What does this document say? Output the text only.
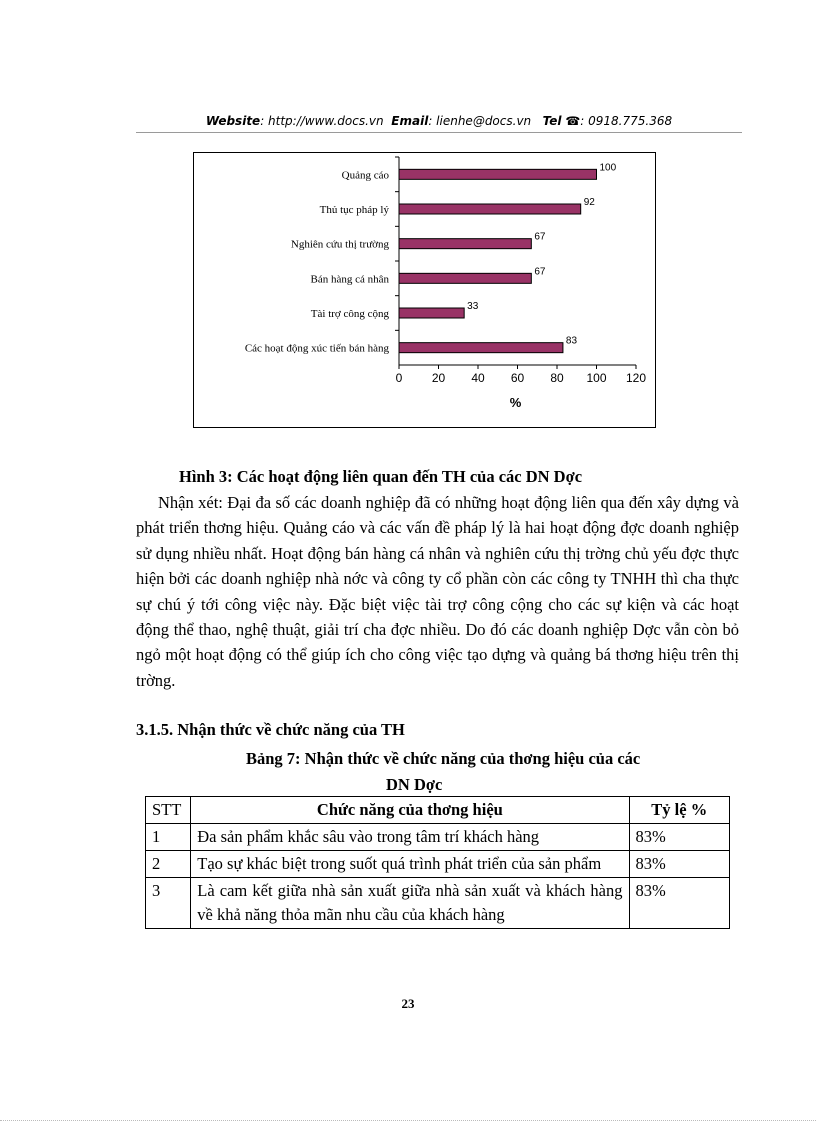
Website: http://www.docs.vn Email: lienhe@docs.vn Tel ☎: 0918.775.368
Quảng cáo
100
Thủ tục pháp lý
92
Nghiên cứu thị trường
67
Bán hàng cá nhân
67
Tài trợ công cộng
33
Các hoạt động xúc tiến bán hàng
83
0 20 40 60 80 100 120
%
Hình 3: Các hoạt động liên quan đến TH của các DN Dợc
Nhận xét: Đại đa số các doanh nghiệp đã có những hoạt động liên qua đến xây dựng và phát triển thơng hiệu. Quảng cáo và các vấn đề pháp lý là hai hoạt động đợc doanh nghiệp sử dụng nhiều nhất. Hoạt động bán hàng cá nhân và nghiên cứu thị trờng chủ yếu đợc thực hiện bởi các doanh nghiệp nhà nớc và công ty cổ phần còn các công ty TNHH thì cha thực sự chú ý tới công việc này. Đặc biệt việc tài trợ công cộng cho các sự kiện và các hoạt động thể thao, nghệ thuật, giải trí cha đợc nhiều. Do đó các doanh nghiệp Dợc vẫn còn bỏ ngỏ một hoạt động có thể giúp ích cho công việc tạo dựng và quảng bá thơng hiệu trên thị trờng.
3.1.5. Nhận thức về chức năng của TH
Bảng 7: Nhận thức về chức năng của thơng hiệu của các
DN Dợc
STT	Chức năng của thơng hiệu	Tỷ lệ %
1	Đa sản phẩm khắc sâu vào trong tâm trí khách hàng	83%
2	Tạo sự khác biệt trong suốt quá trình phát triển của sản phẩm	83%
3	Là cam kết giữa nhà sản xuất giữa nhà sản xuất và khách hàng về khả năng thỏa mãn nhu cầu của khách hàng	83%
23
